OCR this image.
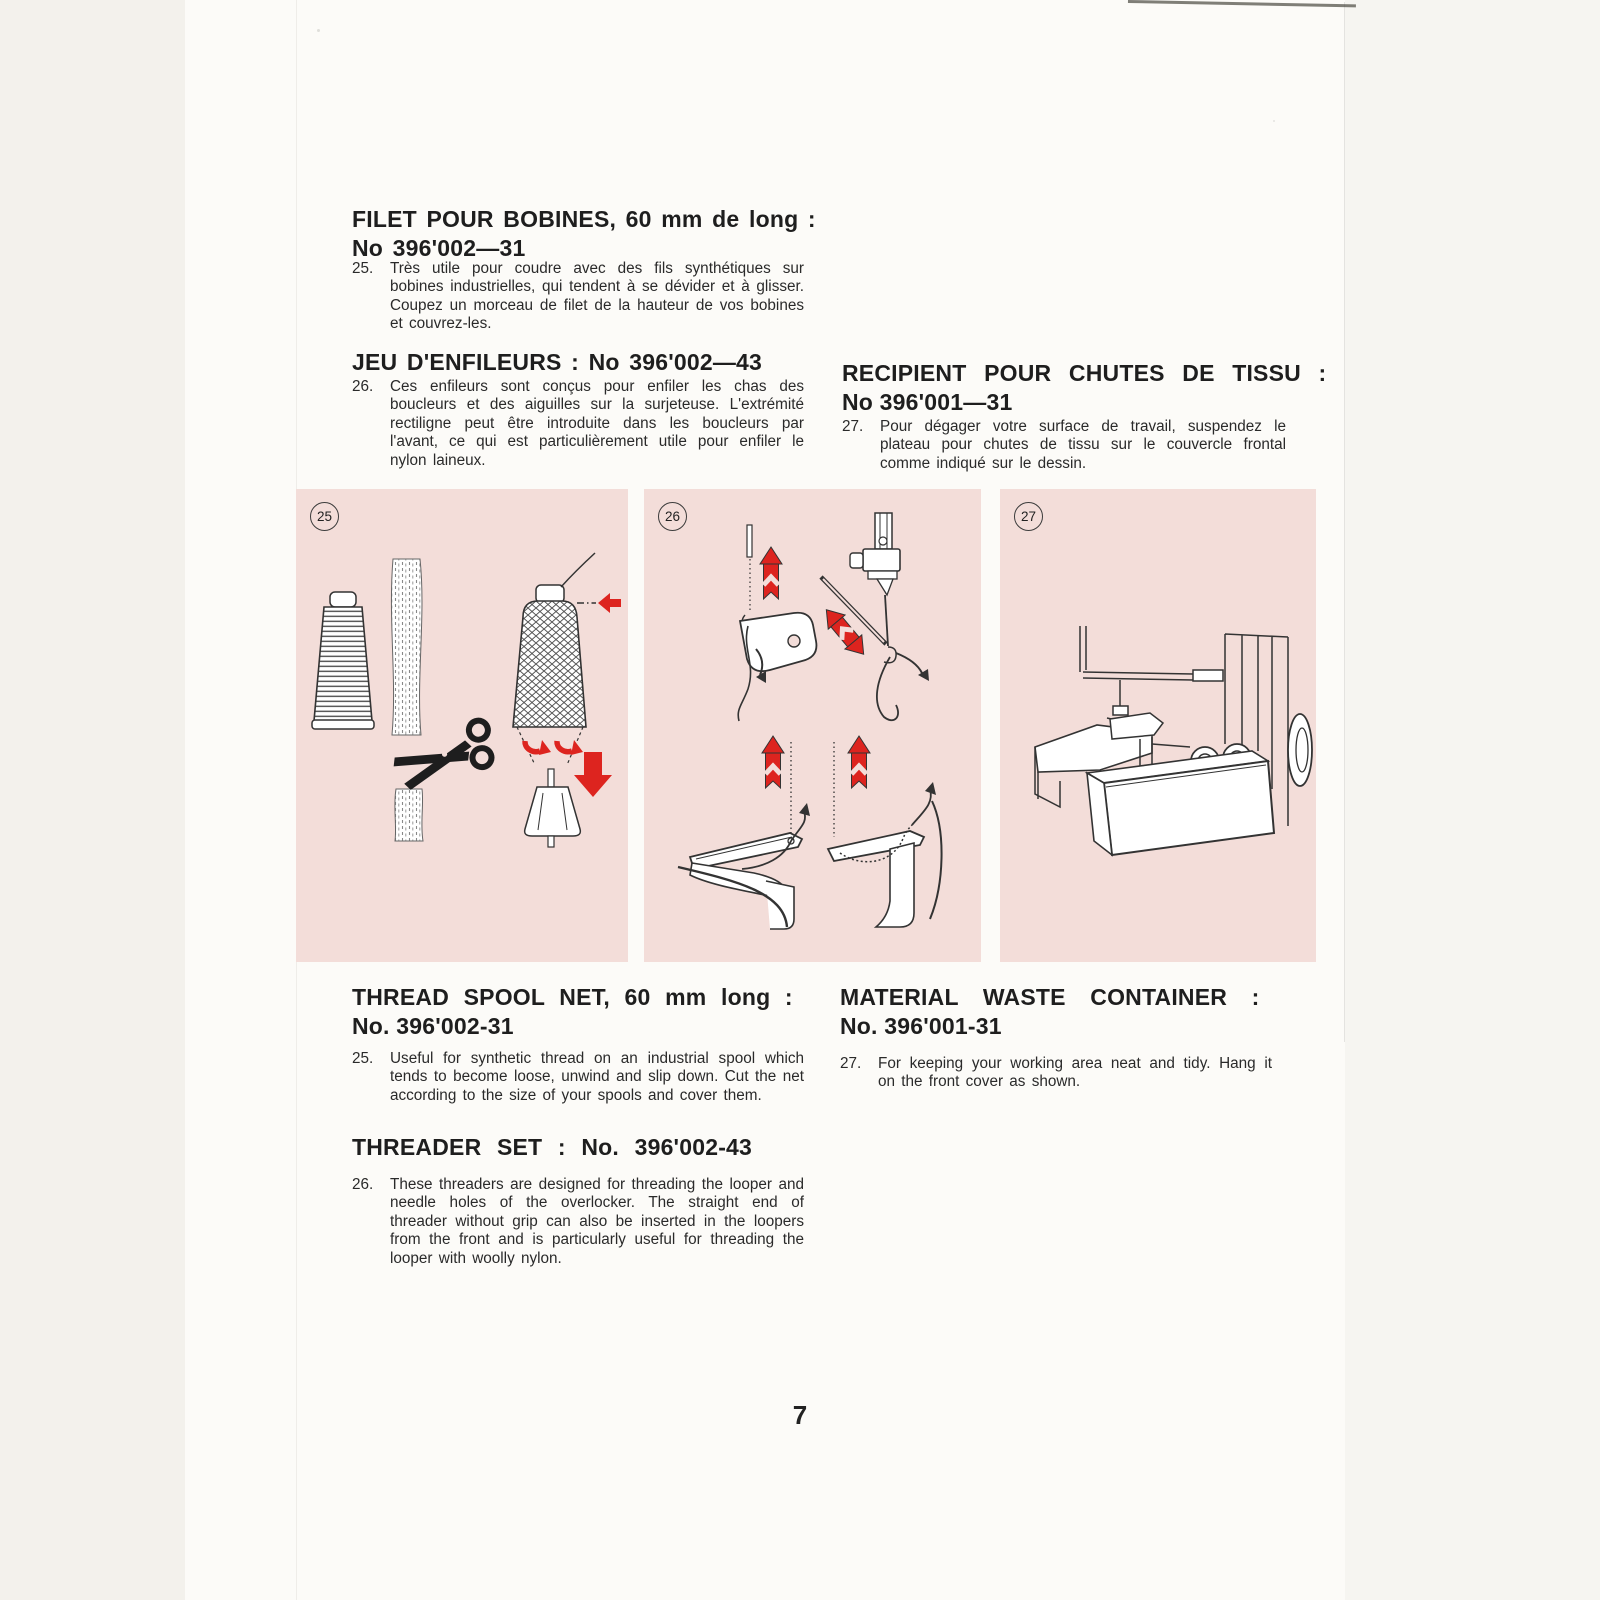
FILET POUR BOBINES, 60 mm de long :
No 396'002—31
25.	Très utile pour coudre avec des fils synthétiques sur bobines industrielles, qui tendent à se dévider et à glisser. Coupez un morceau de filet de la hauteur de vos bobines et couvrez-les.
JEU D'ENFILEURS : No 396'002—43
26.	Ces enfileurs sont conçus pour enfiler les chas des boucleurs et des aiguilles sur la surjeteuse. L'extrémité rectiligne peut être introduite dans les boucleurs par l'avant, ce qui est particulièrement utile pour enfiler le nylon laineux.
RECIPIENT POUR CHUTES DE TISSU :
No 396'001—31
27.	Pour dégager votre surface de travail, suspendez le plateau pour chutes de tissu sur le couvercle frontal comme indiqué sur le dessin.
25	26	27
THREAD SPOOL NET, 60 mm long :
No. 396'002-31
25.	Useful for synthetic thread on an industrial spool which tends to become loose, unwind and slip down. Cut the net according to the size of your spools and cover them.
THREADER SET : No. 396'002-43
26.	These threaders are designed for threading the looper and needle holes of the overlocker. The straight end of threader without grip can also be inserted in the loopers from the front and is particularly useful for threading the looper with woolly nylon.
MATERIAL WASTE CONTAINER :
No. 396'001-31
27.	For keeping your working area neat and tidy. Hang it on the front cover as shown.
7
